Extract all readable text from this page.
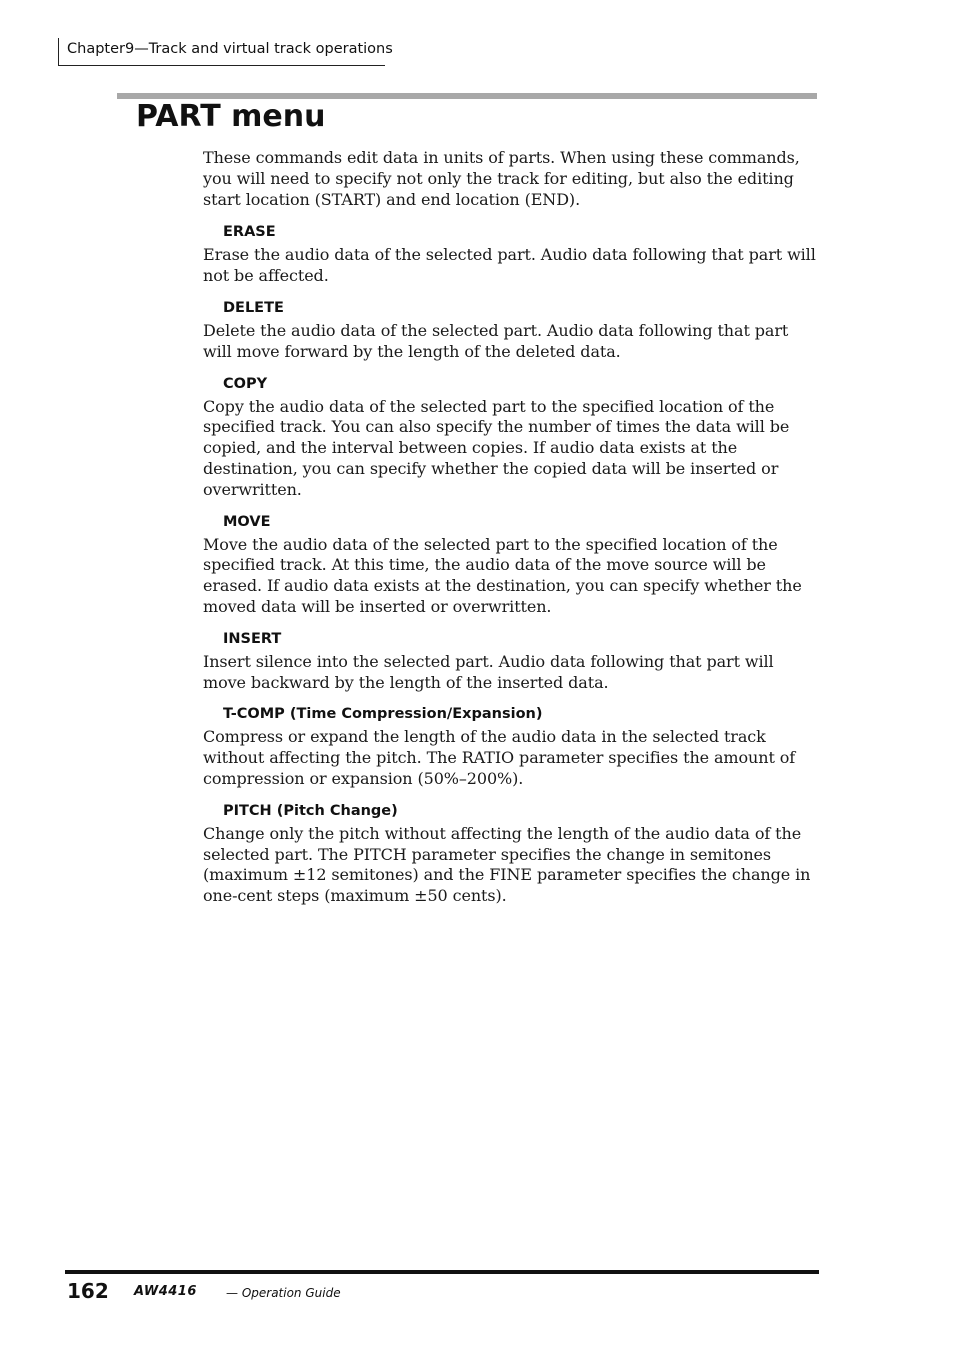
Chapter9—Track and virtual track operations
PART menu

These commands edit data in units of parts. When using these commands, you will need to specify not only the track for editing, but also the editing start location (START) and end location (END).

ERASE

Erase the audio data of the selected part. Audio data following that part will not be affected.

DELETE

Delete the audio data of the selected part. Audio data following that part will move forward by the length of the deleted data.

COPY

Copy the audio data of the selected part to the specified location of the specified track. You can also specify the number of times the data will be copied, and the interval between copies. If audio data exists at the destination, you can specify whether the copied data will be inserted or overwritten.

MOVE

Move the audio data of the selected part to the specified location of the specified track. At this time, the audio data of the move source will be erased. If audio data exists at the destination, you can specify whether the moved data will be inserted or overwritten.

INSERT

Insert silence into the selected part. Audio data following that part will move backward by the length of the inserted data.

T-COMP (Time Compression/Expansion)

Compress or expand the length of the audio data in the selected track without affecting the pitch. The RATIO parameter specifies the amount of compression or expansion (50%–200%).

PITCH (Pitch Change)

Change only the pitch without affecting the length of the audio data of the selected part. The PITCH parameter specifies the change in semitones (maximum ±12 semitones) and the FINE parameter specifies the change in one-cent steps (maximum ±50 cents).

162 AW4416 — Operation Guide
